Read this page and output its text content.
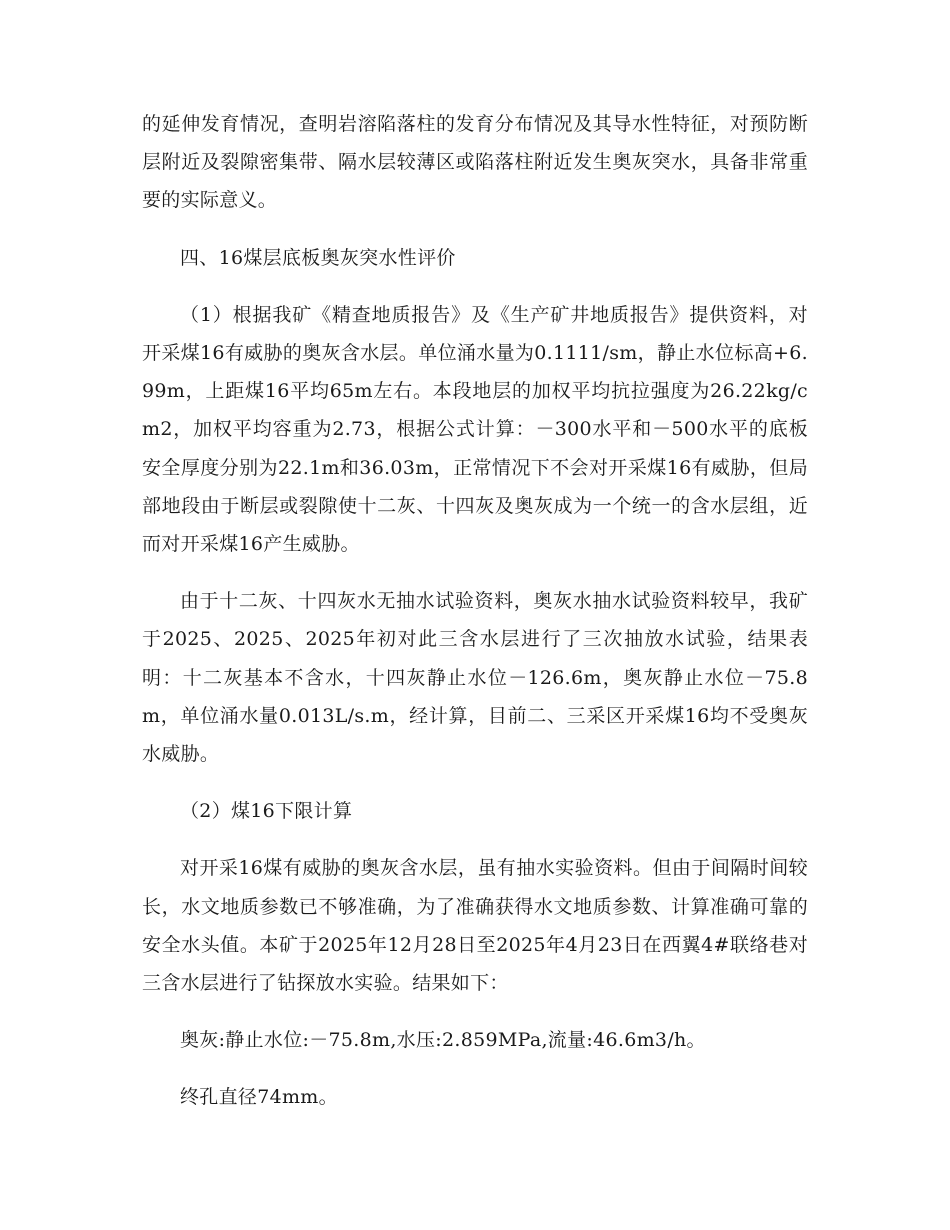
的延伸发育情况，查明岩溶陷落柱的发育分布情况及其导水性特征，对预防断层附近及裂隙密集带、隔水层较薄区或陷落柱附近发生奥灰突水，具备非常重要的实际意义。

四、16煤层底板奥灰突水性评价

（1）根据我矿《精查地质报告》及《生产矿井地质报告》提供资料，对开采煤16有威胁的奥灰含水层。单位涌水量为0.1111/sm，静止水位标高+6.99m，上距煤16平均65m左右。本段地层的加权平均抗拉强度为26.22kg/cm2，加权平均容重为2.73，根据公式计算：－300水平和－500水平的底板安全厚度分别为22.1m和36.03m，正常情况下不会对开采煤16有威胁，但局部地段由于断层或裂隙使十二灰、十四灰及奥灰成为一个统一的含水层组，近而对开采煤16产生威胁。

由于十二灰、十四灰水无抽水试验资料，奥灰水抽水试验资料较早，我矿于2025、2025、2025年初对此三含水层进行了三次抽放水试验，结果表明：十二灰基本不含水，十四灰静止水位－126.6m，奥灰静止水位－75.8m，单位涌水量0.013L/s.m，经计算，目前二、三采区开采煤16均不受奥灰水威胁。

（2）煤16下限计算

对开采16煤有威胁的奥灰含水层，虽有抽水实验资料。但由于间隔时间较长，水文地质参数已不够准确，为了准确获得水文地质参数、计算准确可靠的安全水头值。本矿于2025年12月28日至2025年4月23日在西翼4#联络巷对三含水层进行了钻探放水实验。结果如下：

奥灰:静止水位:－75.8m,水压:2.859MPa,流量:46.6m3/h。

终孔直径74mm。
